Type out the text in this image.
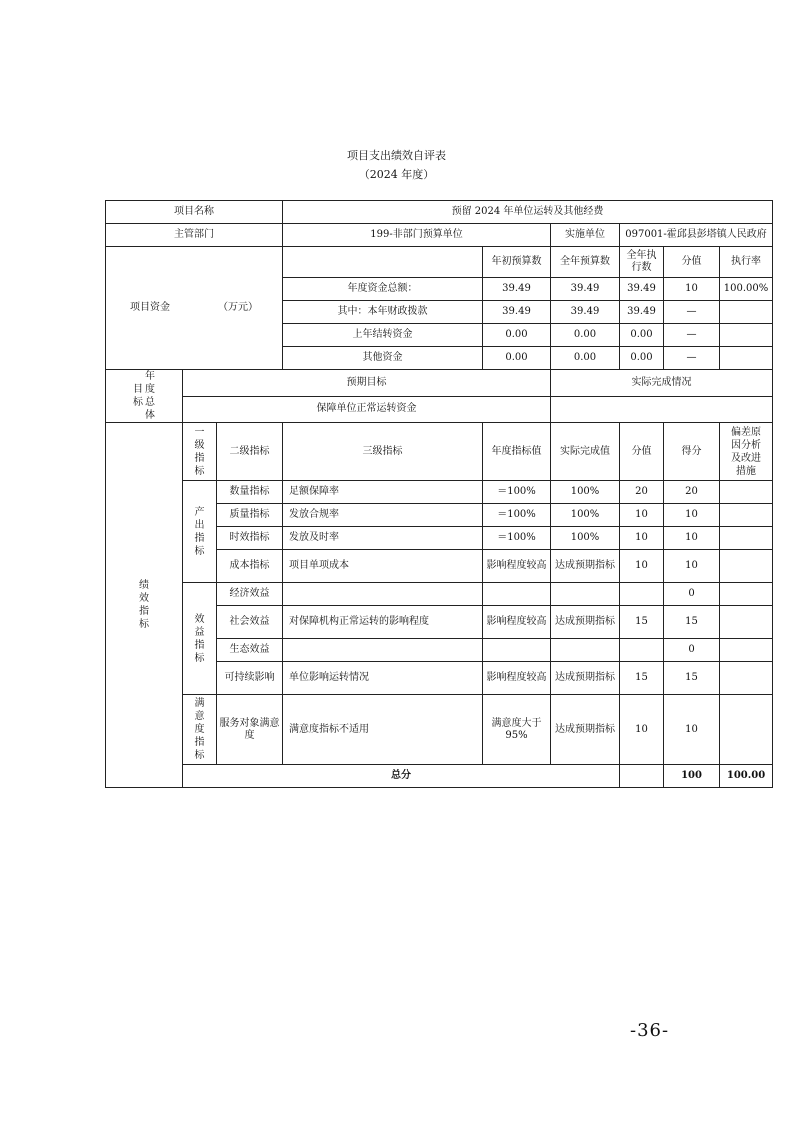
项目支出绩效自评表
（2024 年度）
项目名称			预留 2024 年单位运转及其他经费						
主管部门			199-非部门预算单位		实施单位	097001-霍邱县彭塔镇人民政府			
项目资金 （万元）				年初预算数	全年预算数	全年执行数	分值	执行率	
			年度资金总额：	39.49	39.49	39.49	10	100.00%	
			其中：本年财政拨款	39.49	39.49	39.49	—		
			上年结转资金	0.00	0.00	0.00	—		
			其他资金	0.00	0.00	0.00	—		

年度总体
目标	预期目标				实际完成情况				
	保障单位正常运转资金								
绩效指标	一级指标	二级指标	三级指标	年度指标值	实际完成值	分值	得分	偏差原因分析及改进措施	

	产出指标	数量指标	足额保障率	＝100%	100%	20	20		
		质量指标	发放合规率	＝100%	100%	10	10		
		时效指标	发放及时率	＝100%	100%	10	10		
		成本指标	项目单项成本	影响程度较高	达成预期指标	10	10		
	效益指标	经济效益					0		
		社会效益	对保障机构正常运转的影响程度	影响程度较高	达成预期指标	15	15		
		生态效益					0		
		可持续影响	单位影响运转情况	影响程度较高	达成预期指标	15	15		
	满意度指标	服务对象满意度	满意度指标不适用	满意度大于95%	达成预期指标	10	10		
	总分						100	100.00	
-36-
